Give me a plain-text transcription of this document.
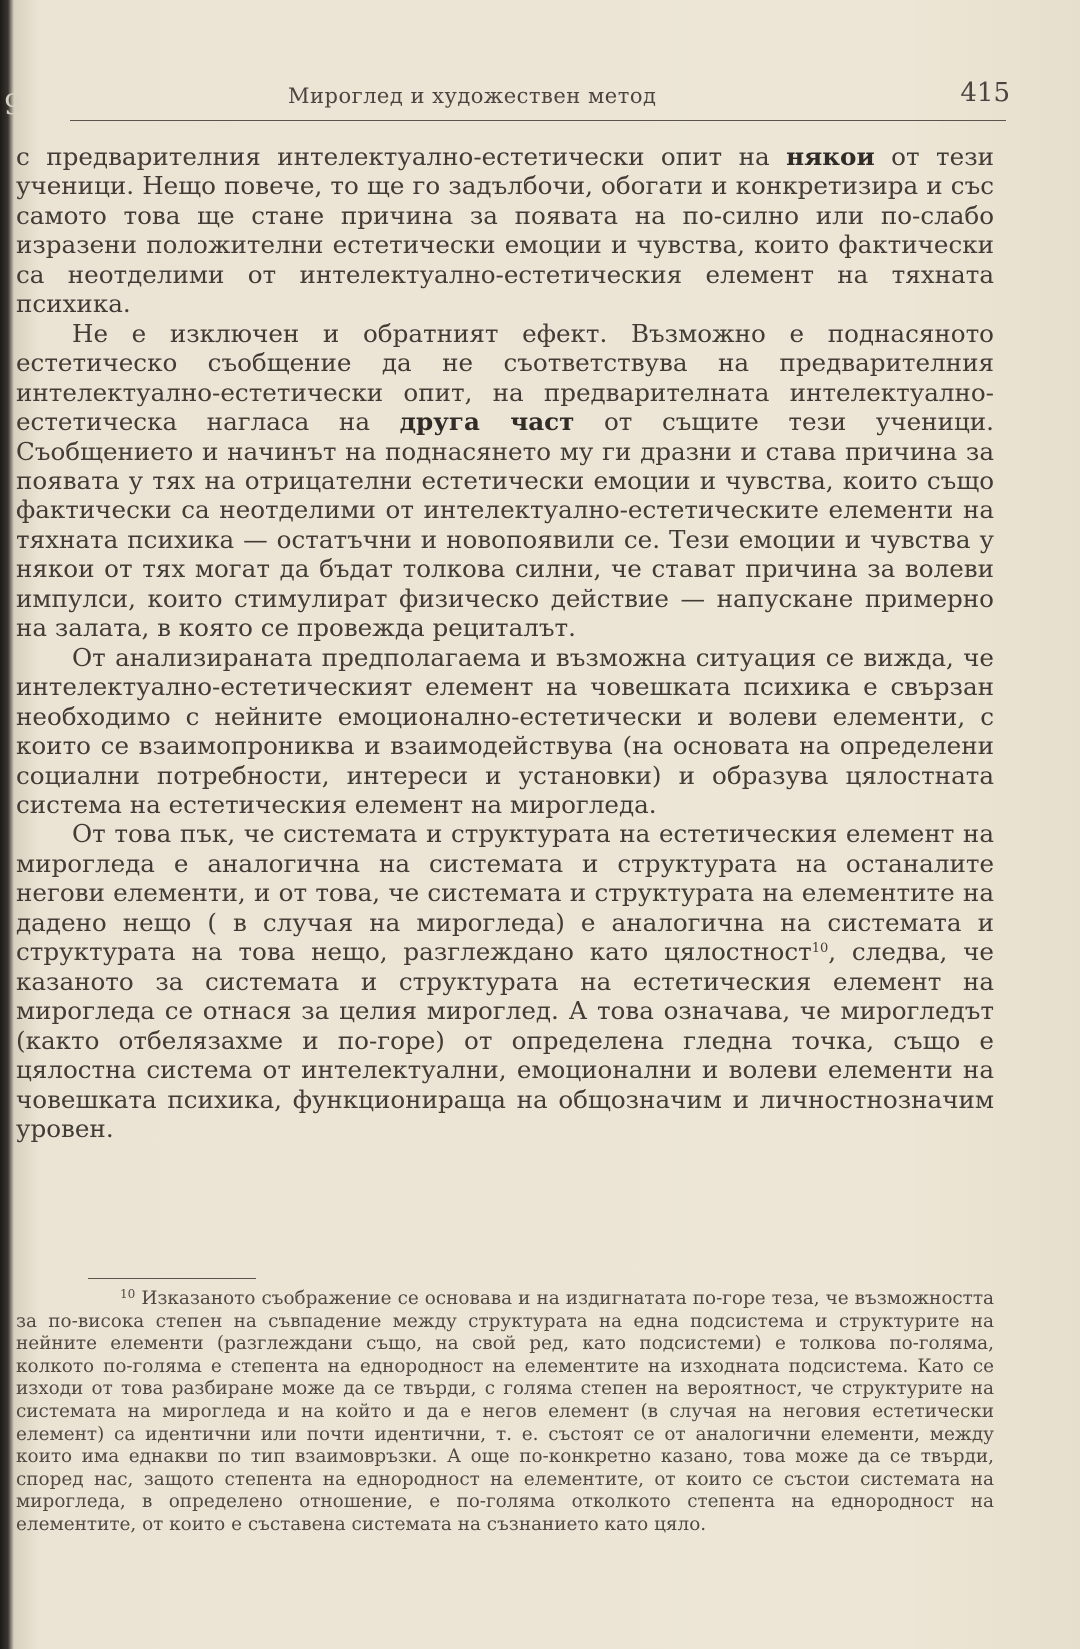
9	Мироглед и художествен метод	415

с предварителния интелектуално-естетически опит на някои от тези ученици. Нещо повече, то ще го задълбочи, обогати и конкретизира и със самото това ще стане причина за появата на по-силно или по-слабо изразени положителни естетически емоции и чувства, които фактически са неотделими от интелектуално-естетическия елемент на тяхната психика.

Не е изключен и обратният ефект. Възможно е поднасяното естетическо съобщение да не съответствува на предварителния интелектуално-естетически опит, на предварителната интелектуално-естетическа нагласа на друга част от същите тези ученици. Съобщението и начинът на поднасянето му ги дразни и става причина за появата у тях на отрицателни естетически емоции и чувства, които също фактически са неотделими от интелектуално-естетическите елементи на тяхната психика — остатъчни и новопоявили се. Тези емоции и чувства у някои от тях могат да бъдат толкова силни, че стават причина за волеви импулси, които стимулират физическо действие — напускане примерно на залата, в която се провежда рециталът.

От анализираната предполагаема и възможна ситуация се вижда, че интелектуално-естетическият елемент на човешката психика е свързан необходимо с нейните емоционално-естетически и волеви елементи, с които се взаимопрониква и взаимодействува (на основата на определени социални потребности, интереси и установки) и образува цялостната система на естетическия елемент на мирогледа.

От това пък, че системата и структурата на естетическия елемент на мирогледа е аналогична на системата и структурата на останалите негови елементи, и от това, че системата и структурата на елементите на дадено нещо ( в случая на мирогледа) е аналогична на системата и структурата на това нещо, разглеждано като цялостност$^{10}$, следва, че казаното за системата и структурата на естетическия елемент на мирогледа се отнася за целия мироглед. А това означава, че мирогледът (както отбелязахме и по-горе) от определена гледна точка, също е цялостна система от интелектуални, емоционални и волеви елементи на човешката психика, функционираща на общозначим и личностнозначим уровен.

$^{10}$ Изказаното съображение се основава и на издигнатата по-горе теза, че възможността за по-висока степен на съвпадение между структурата на една подсистема и структурите на нейните елементи (разглеждани също, на свой ред, като подсистеми) е толкова по-голяма, колкото по-голяма е степента на еднородност на елементите на изходната подсистема. Като се изходи от това разбиране може да се твърди, с голяма степен на вероятност, че структурите на системата на мирогледа и на който и да е негов елемент (в случая на неговия естетически елемент) са идентични или почти идентични, т. е. състоят се от аналогични елементи, между които има еднакви по тип взаимовръзки. А още по-конкретно казано, това може да се твърди, според нас, защото степента на еднородност на елементите, от които се състои системата на мирогледа, в определено отношение, е по-голяма отколкото степента на еднородност на елементите, от които е съставена системата на съзнанието като цяло.
